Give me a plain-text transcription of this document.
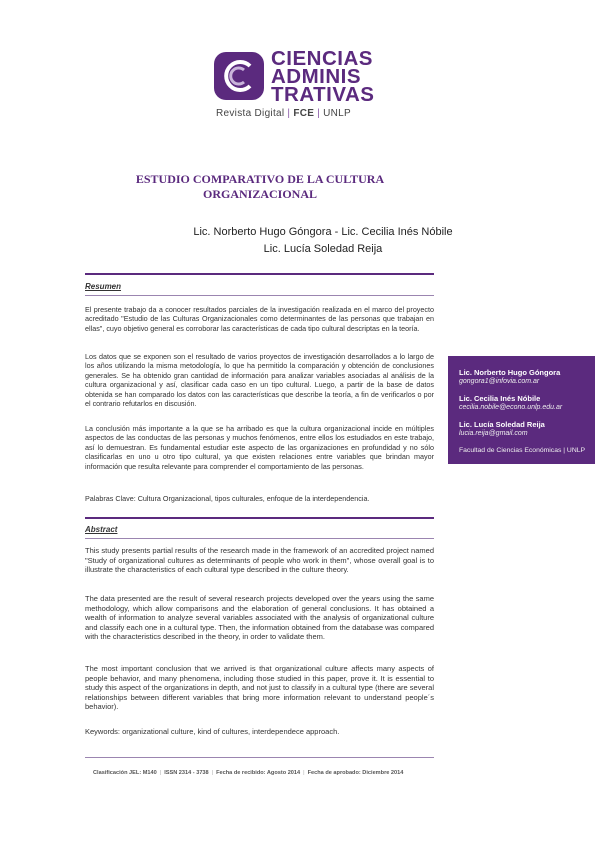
CIENCIAS
ADMINIS
TRATIVAS
Revista Digital | FCE | UNLP
ESTUDIO COMPARATIVO DE LA CULTURA
ORGANIZACIONAL
Lic. Norberto Hugo Góngora - Lic. Cecilia Inés Nóbile
Lic. Lucía Soledad Reija
Resumen

El presente trabajo da a conocer resultados parciales de la investigación realizada en el marco del proyecto acreditado "Estudio de las Culturas Organizacionales como determinantes de las personas que trabajan en ellas", cuyo objetivo general es corroborar las características de cada tipo cultural descriptas en la teoría.

Los datos que se exponen son el resultado de varios proyectos de investigación desarrollados a lo largo de los años utilizando la misma metodología, lo que ha permitido la comparación y obtención de conclusiones generales. Se ha obtenido gran cantidad de información para analizar variables asociadas al análisis de la cultura organizacional y así, clasificar cada caso en un tipo cultural. Luego, a partir de la base de datos obtenida se han comparado los datos con las características que describe la teoría, a fin de verificarlos o por el contrario refutarlos en discusión.

La conclusión más importante a la que se ha arribado es que la cultura organizacional incide en múltiples aspectos de las conductas de las personas y muchos fenómenos, entre ellos los estudiados en este trabajo, así lo demuestran. Es fundamental estudiar este aspecto de las organizaciones en profundidad y no sólo clasificarlas en uno u otro tipo cultural, ya que existen relaciones entre variables que brindan mayor información que resulta relevante para comprender el comportamiento de las personas.

Palabras Clave: Cultura Organizacional, tipos culturales, enfoque de la interdependencia.

Abstract

This study presents partial results of the research made in the framework of an accredited project named "Study of organizational cultures as determinants of people who work in them", whose overall goal is to illustrate the characteristics of each cultural type described in the culture theory.

The data presented are the result of several research projects developed over the years using the same methodology, which allow comparisons and the elaboration of general conclusions. It has obtained a wealth of information to analyze several variables associated with the analysis of organizational culture and classify each one in a cultural type. Then, the information obtained from the database was compared with the characteristics described in the theory, in order to validate them.

The most important conclusion that we arrived is that organizational culture affects many aspects of people behavior, and many phenomena, including those studied in this paper, prove it. It is essential to study this aspect of the organizations in depth, and not just to classify in a cultural type (there are several relationships between different variables that bring more information relevant to understand people´s behavior).

Keywords: organizational culture, kind of cultures, interdependece approach.

Lic. Norberto Hugo Góngora
gongora1@infovia.com.ar
Lic. Cecilia Inés Nóbile
cecilia.nobile@econo.unlp.edu.ar
Lic. Lucía Soledad Reija
lucia.reija@gmail.com
Facultad de Ciencias Económicas | UNLP
Clasificación JEL: M140 | ISSN 2314 - 3738 | Fecha de recibido: Agosto 2014 | Fecha de aprobado: Diciembre 2014
